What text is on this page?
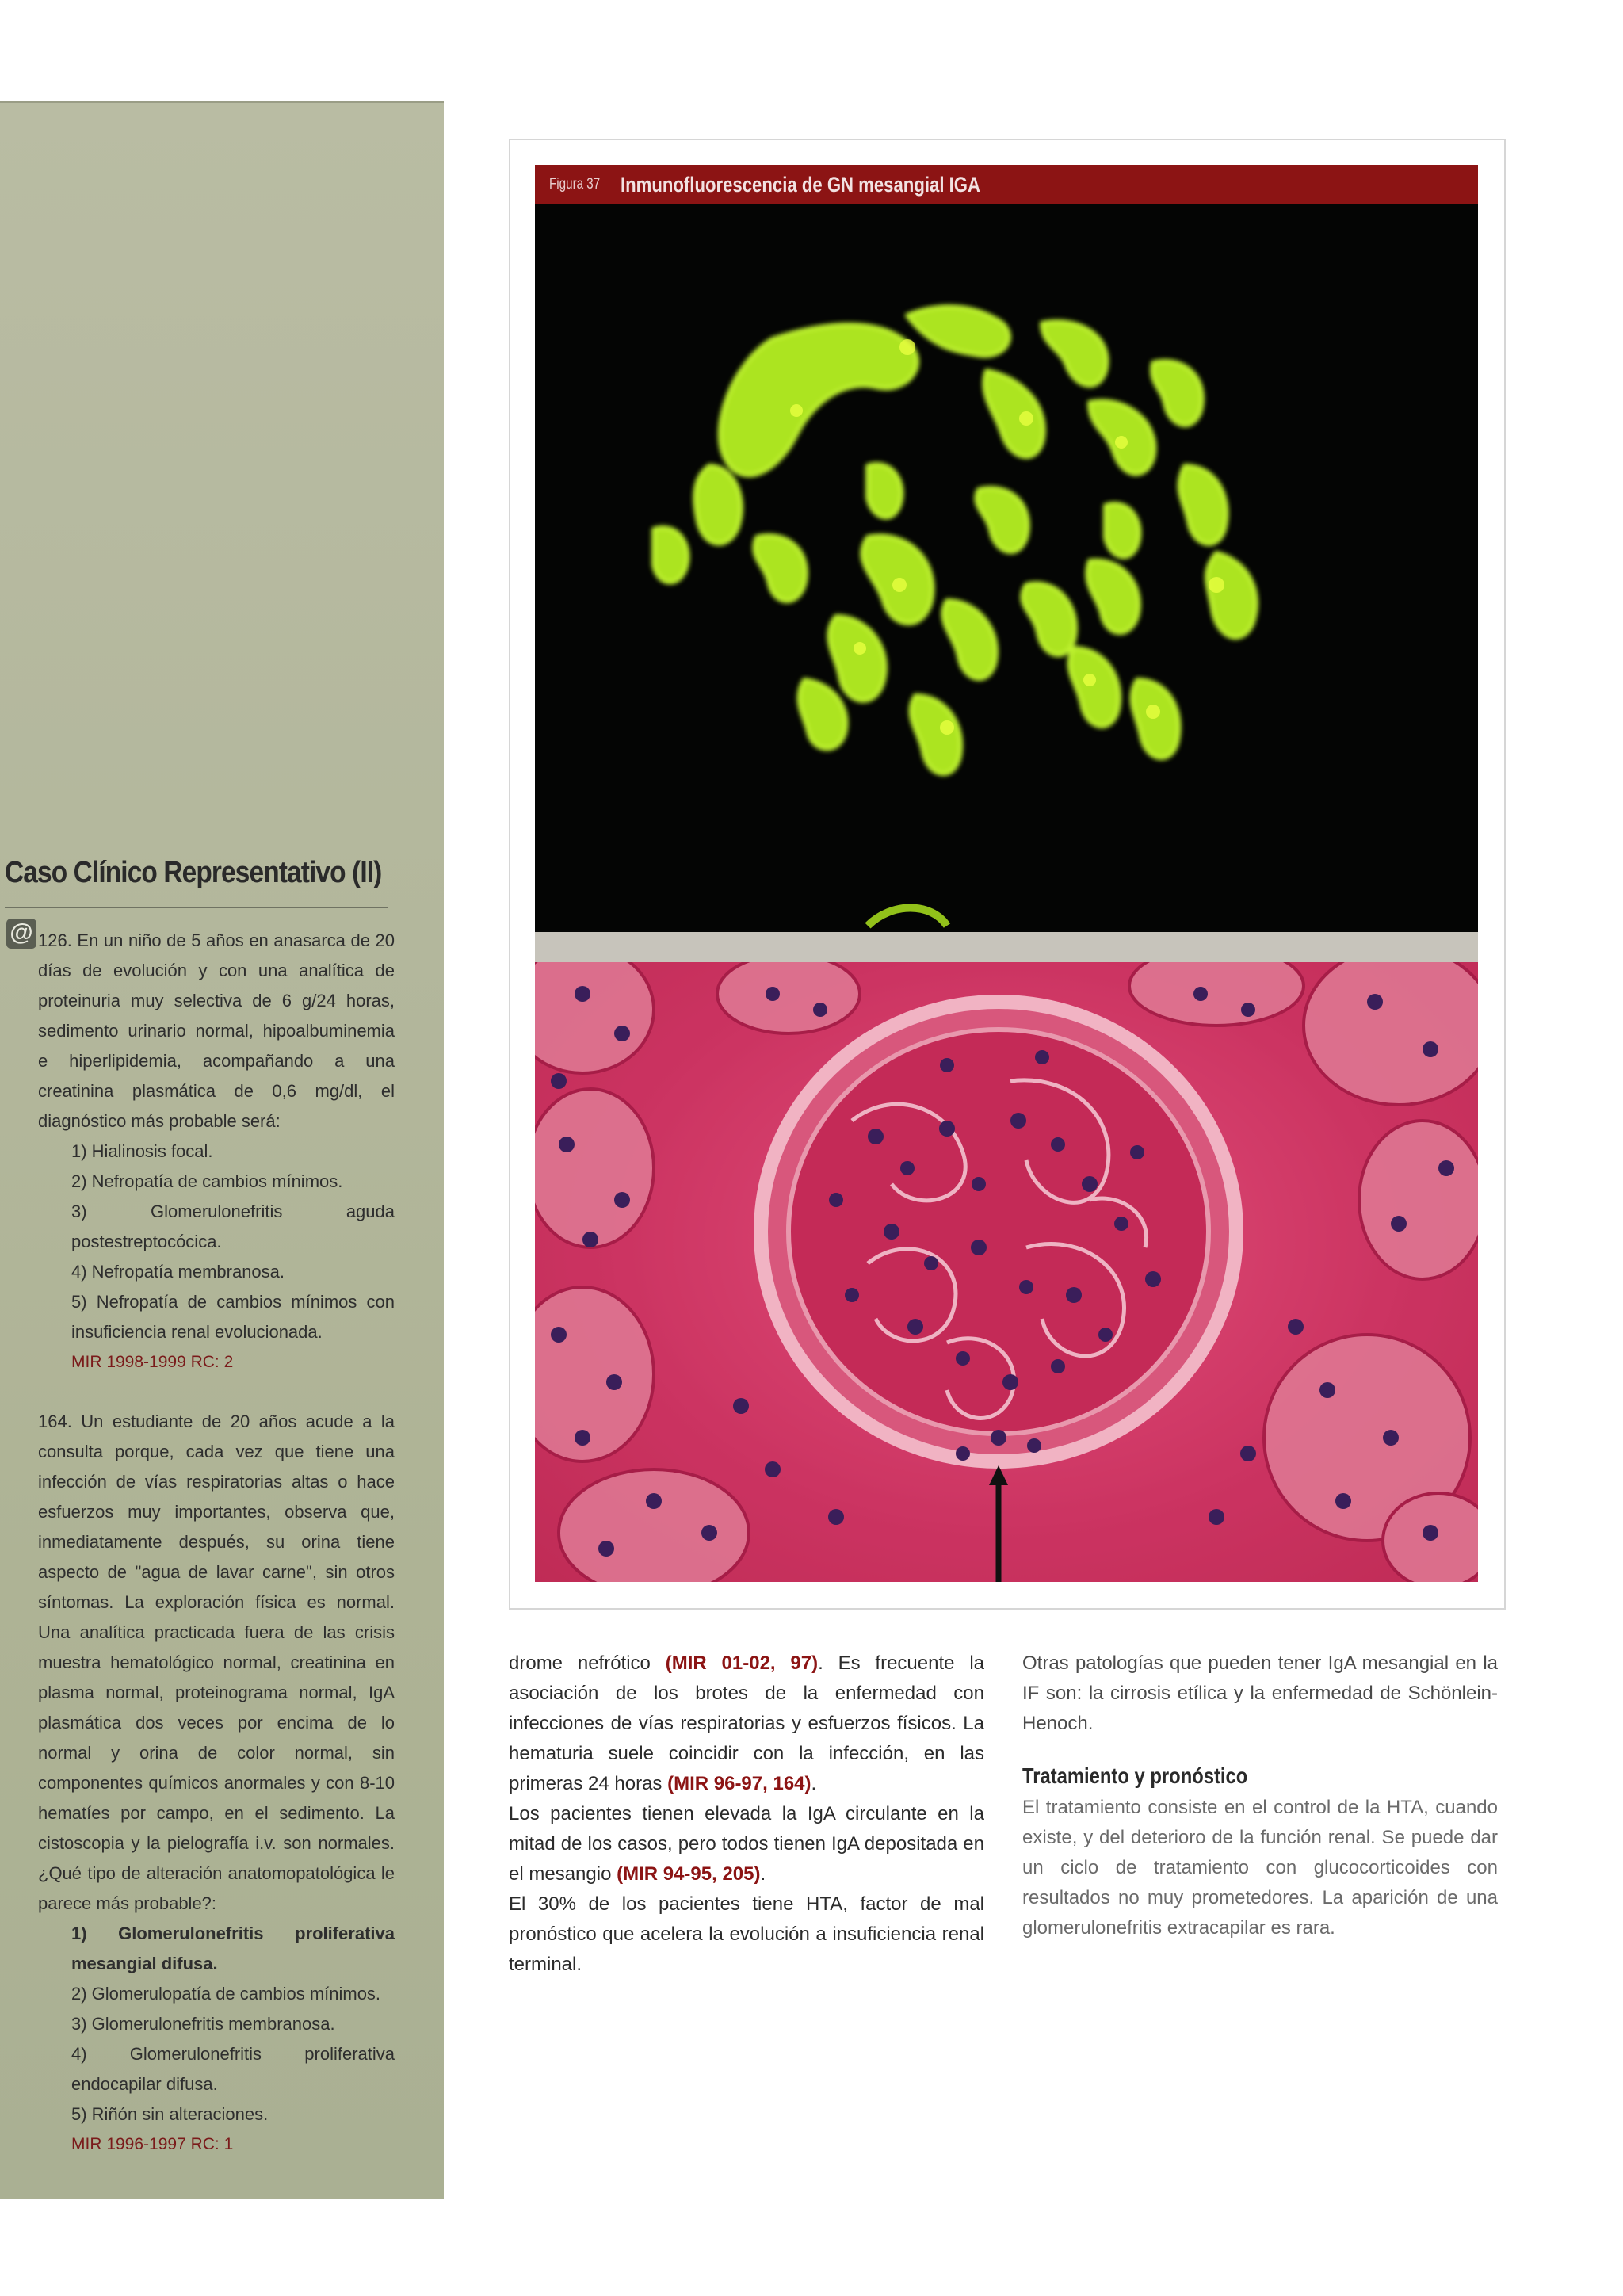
Caso Clínico Representativo (II)
@ 126. En un niño de 5 años en anasarca de 20 días de evolución y con una analítica de proteinuria muy selectiva de 6 g/24 horas, sedimento urinario normal, hipoalbuminemia e hiperlipidemia, acompañando a una creatinina plasmática de 0,6 mg/dl, el diagnóstico más probable será:
1) Hialinosis focal.
2) Nefropatía de cambios mínimos.
3) Glomerulonefritis aguda postestreptocócica.
4) Nefropatía membranosa.
5) Nefropatía de cambios mínimos con insuficiencia renal evolucionada.
MIR 1998-1999 RC: 2
164. Un estudiante de 20 años acude a la consulta porque, cada vez que tiene una infección de vías respiratorias altas o hace esfuerzos muy importantes, observa que, inmediatamente después, su orina tiene aspecto de "agua de lavar carne", sin otros síntomas. La exploración física es normal. Una analítica practicada fuera de las crisis muestra hematológico normal, creatinina en plasma normal, proteinograma normal, IgA plasmática dos veces por encima de lo normal y orina de color normal, sin componentes químicos anormales y con 8-10 hematíes por campo, en el sedimento. La cistoscopia y la pielografía i.v. son normales. ¿Qué tipo de alteración anatomopatológica le parece más probable?:
1) Glomerulonefritis proliferativa mesangial difusa.
2) Glomerulopatía de cambios mínimos.
3) Glomerulonefritis membranosa.
4) Glomerulonefritis proliferativa endocapilar difusa.
5) Riñón sin alteraciones.
MIR 1996-1997 RC: 1
Figura 37 Inmunofluorescencia de GN mesangial IGA

drome nefrótico (MIR 01-02, 97). Es frecuente la asociación de los brotes de la enfermedad con infecciones de vías respiratorias y esfuerzos físicos. La hematuria suele coincidir con la infección, en las primeras 24 horas (MIR 96-97, 164).

Los pacientes tienen elevada la IgA circulante en la mitad de los casos, pero todos tienen IgA depositada en el mesangio (MIR 94-95, 205).

El 30% de los pacientes tiene HTA, factor de mal pronóstico que acelera la evolución a insuficiencia renal terminal.

Otras patologías que pueden tener IgA mesangial en la IF son: la cirrosis etílica y la enfermedad de Schönlein-Henoch.

Tratamiento y pronóstico

El tratamiento consiste en el control de la HTA, cuando existe, y del deterioro de la función renal. Se puede dar un ciclo de tratamiento con glucocorticoides con resultados no muy prometedores. La aparición de una glomerulonefritis extracapilar es rara.
